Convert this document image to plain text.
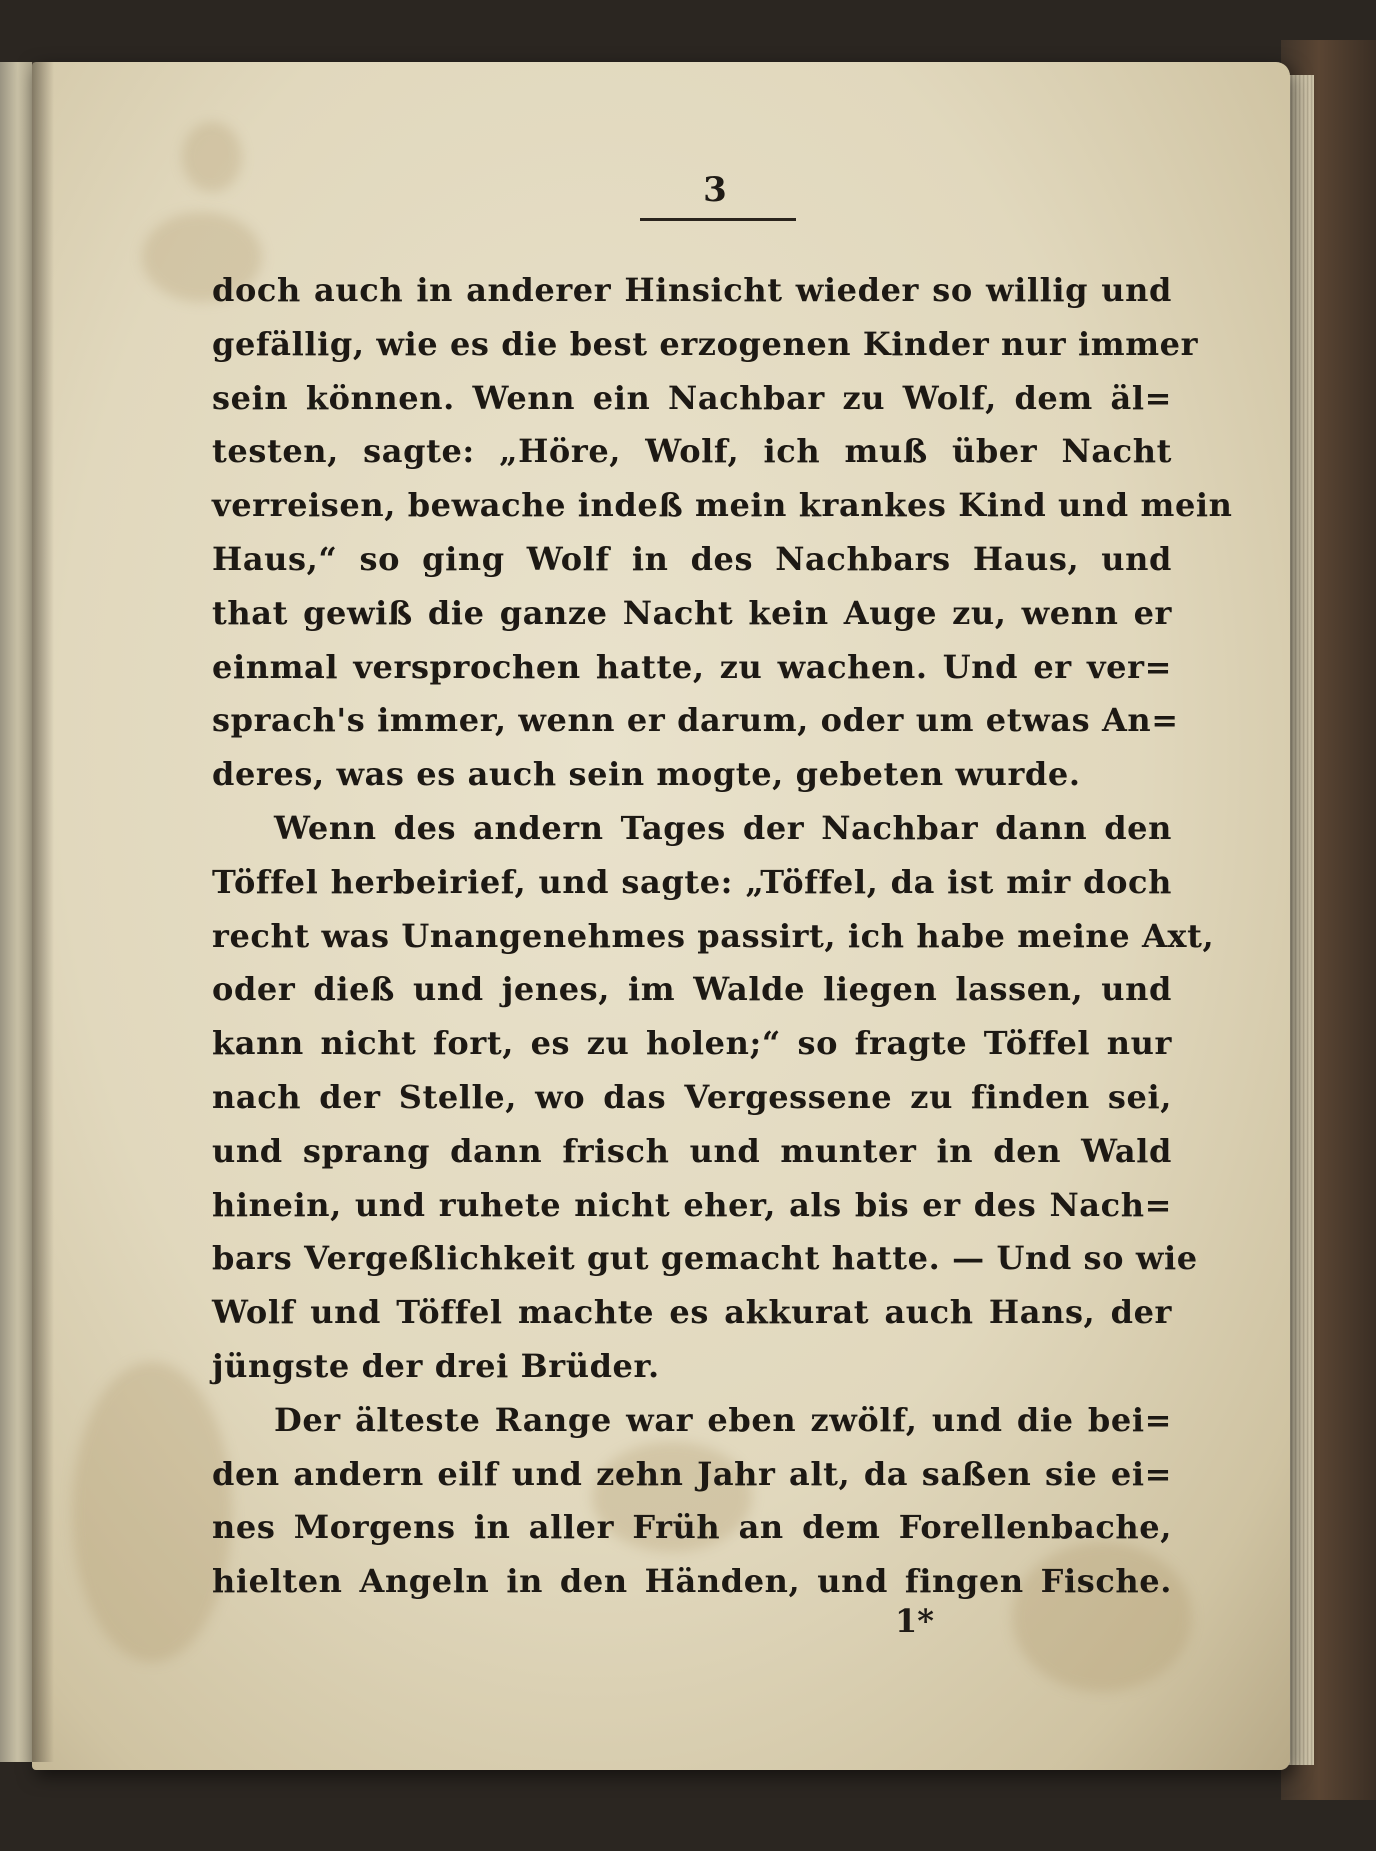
3
doch auch in anderer Hinsicht wieder so willig und
gefällig, wie es die best erzogenen Kinder nur immer
sein können. Wenn ein Nachbar zu Wolf, dem äl=
testen, sagte: „Höre, Wolf, ich muß über Nacht
verreisen, bewache indeß mein krankes Kind und mein
Haus,“ so ging Wolf in des Nachbars Haus, und
that gewiß die ganze Nacht kein Auge zu, wenn er
einmal versprochen hatte, zu wachen. Und er ver=
sprach's immer, wenn er darum, oder um etwas An=
deres, was es auch sein mogte, gebeten wurde.
Wenn des andern Tages der Nachbar dann den
Töffel herbeirief, und sagte: „Töffel, da ist mir doch
recht was Unangenehmes passirt, ich habe meine Axt,
oder dieß und jenes, im Walde liegen lassen, und
kann nicht fort, es zu holen;“ so fragte Töffel nur
nach der Stelle, wo das Vergessene zu finden sei,
und sprang dann frisch und munter in den Wald
hinein, und ruhete nicht eher, als bis er des Nach=
bars Vergeßlichkeit gut gemacht hatte. — Und so wie
Wolf und Töffel machte es akkurat auch Hans, der
jüngste der drei Brüder.
Der älteste Range war eben zwölf, und die bei=
den andern eilf und zehn Jahr alt, da saßen sie ei=
nes Morgens in aller Früh an dem Forellenbache,
hielten Angeln in den Händen, und fingen Fische.
1*
